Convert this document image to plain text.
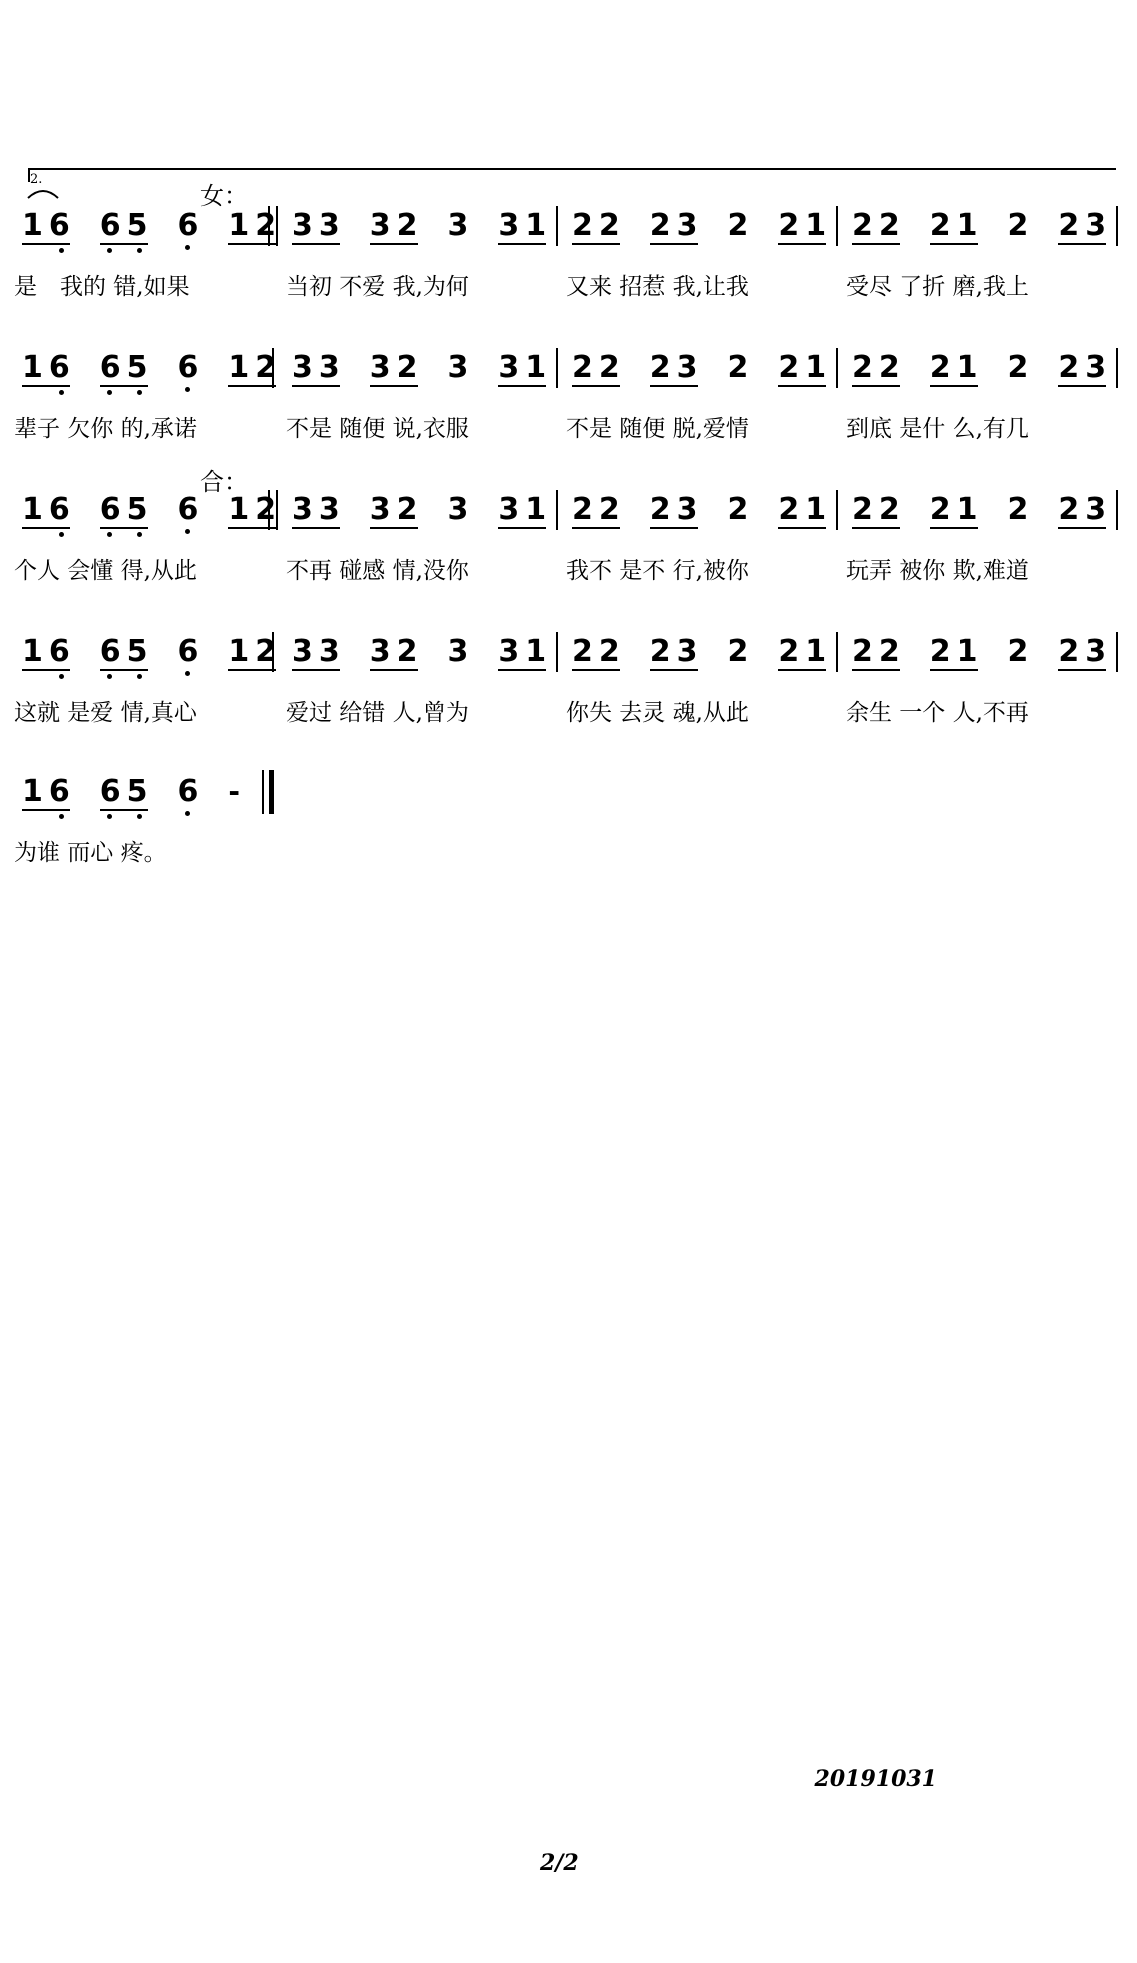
2.
女：
合：
1 6 6 5 6 1 2
是　我的 错,如果
3 3 3 2 3 3 1
当初 不爱 我,为何
2 2 2 3 2 2 1
又来 招惹 我,让我
2 2 2 1 2 2 3
受尽 了折 磨,我上
1 6 6 5 6 1 2
辈子 欠你 的,承诺
3 3 3 2 3 3 1
不是 随便 说,衣服
2 2 2 3 2 2 1
不是 随便 脱,爱情
2 2 2 1 2 2 3
到底 是什 么,有几
1 6 6 5 6 1 2
个人 会懂 得,从此
3 3 3 2 3 3 1
不再 碰感 情,没你
2 2 2 3 2 2 1
我不 是不 行,被你
2 2 2 1 2 2 3
玩弄 被你 欺,难道
1 6 6 5 6 1 2
这就 是爱 情,真心
3 3 3 2 3 3 1
爱过 给错 人,曾为
2 2 2 3 2 2 1
你失 去灵 魂,从此
2 2 2 1 2 2 3
余生 一个 人,不再
1 6 6 5 6 -
为谁 而心 疼。
20191031
2/2
